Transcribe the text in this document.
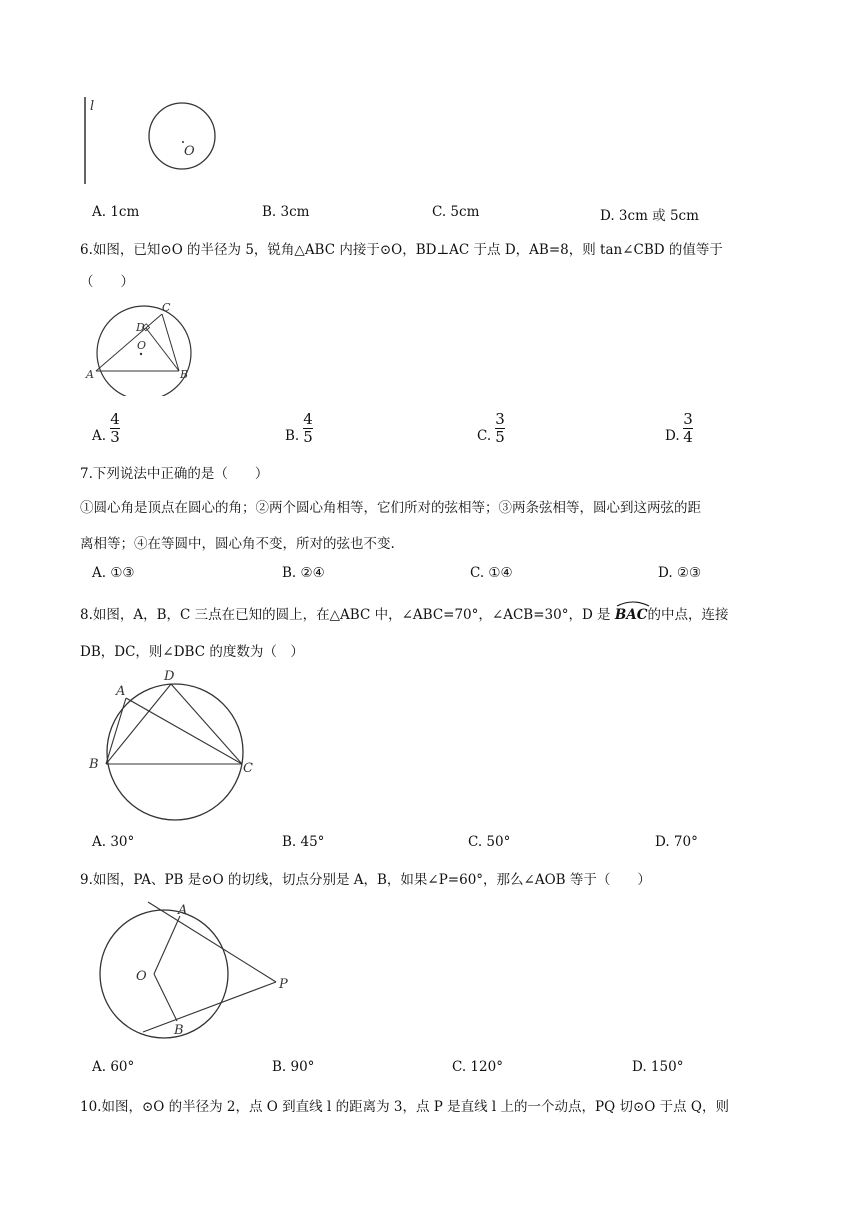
l
O
A. 1cm	B. 3cm	C. 5cm	D. 3cm 或 5cm
6.如图，已知⊙O 的半径为 5，锐角△ABC 内接于⊙O，BD⊥AC 于点 D，AB=8，则 tan∠CBD 的值等于
（　　）
C
D
O
A	B
A.
4
3	B.
4
5	C.
3
5	D.
3
4
7.下列说法中正确的是（　　）
①圆心角是顶点在圆心的角；②两个圆心角相等，它们所对的弦相等；③两条弦相等，圆心到这两弦的距
离相等；④在等圆中，圆心角不变，所对的弦也不变.
A. ①③	B. ②④	C. ①④	D. ②③
8.如图，A，B，C 三点在已知的圆上，在△ABC 中，∠ABC=70°，∠ACB=30°，D 是 BAC的中点，连接
DB，DC，则∠DBC 的度数为（　）
A
D
B	C
A. 30°	B. 45°	C. 50°	D. 70°
9.如图，PA、PB 是⊙O 的切线，切点分别是 A，B，如果∠P=60°，那么∠AOB 等于（　　）
A
O
P
B
A. 60°	B. 90°	C. 120°	D. 150°
10.如图，⊙O 的半径为 2，点 O 到直线 l 的距离为 3，点 P 是直线 l 上的一个动点，PQ 切⊙O 于点 Q，则
